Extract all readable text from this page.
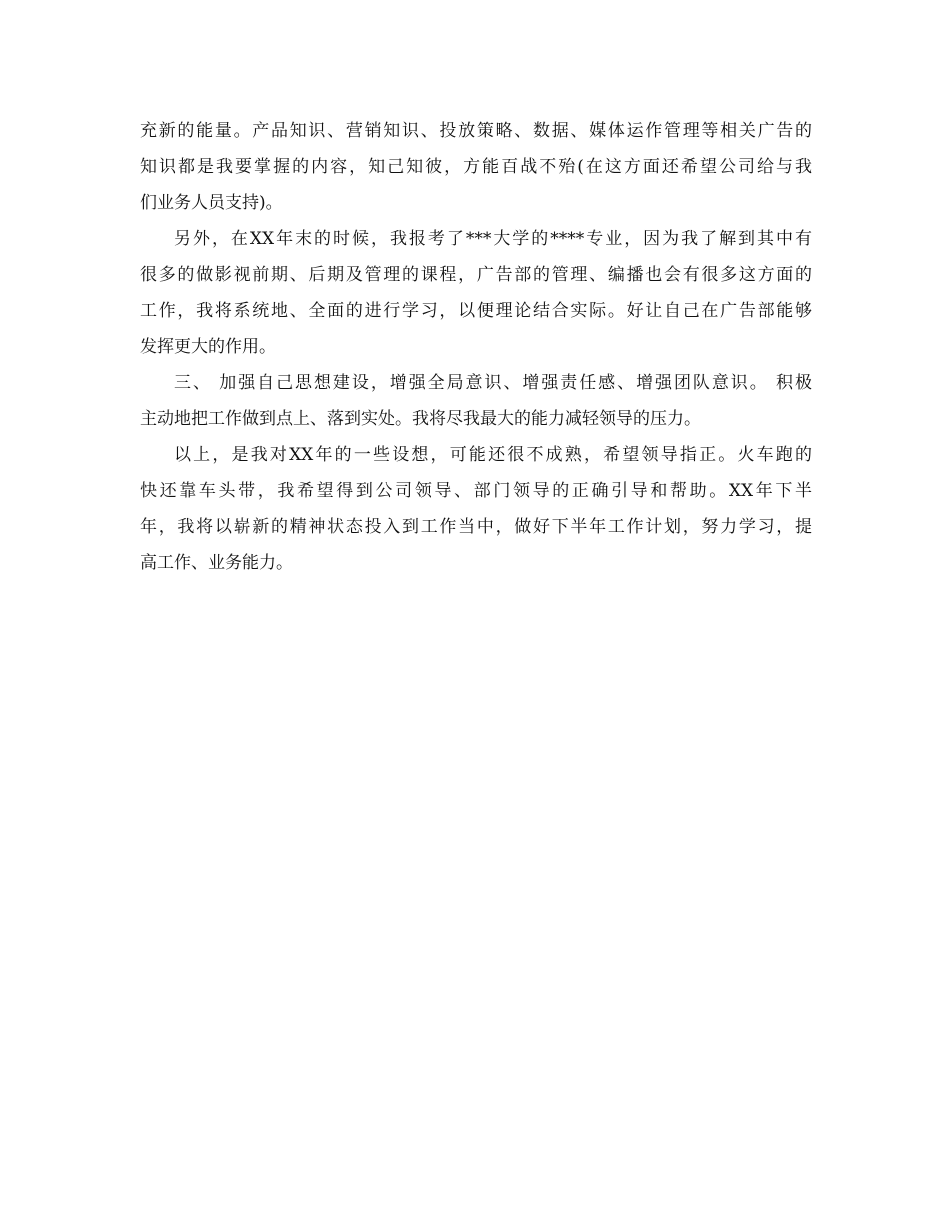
充新的能量。产品知识、营销知识、投放策略、数据、媒体运作管理等相关广告的
知识都是我要掌握的内容，知己知彼，方能百战不殆(在这方面还希望公司给与我
们业务人员支持)。
另外，在XX年末的时候，我报考了***大学的****专业，因为我了解到其中有
很多的做影视前期、后期及管理的课程，广告部的管理、编播也会有很多这方面的
工作，我将系统地、全面的进行学习，以便理论结合实际。好让自己在广告部能够
发挥更大的作用。
三、 加强自己思想建设，增强全局意识、增强责任感、增强团队意识。 积极
主动地把工作做到点上、落到实处。我将尽我最大的能力减轻领导的压力。
以上，是我对XX年的一些设想，可能还很不成熟，希望领导指正。火车跑的
快还靠车头带，我希望得到公司领导、部门领导的正确引导和帮助。XX年下半
年，我将以崭新的精神状态投入到工作当中，做好下半年工作计划，努力学习，提
高工作、业务能力。
